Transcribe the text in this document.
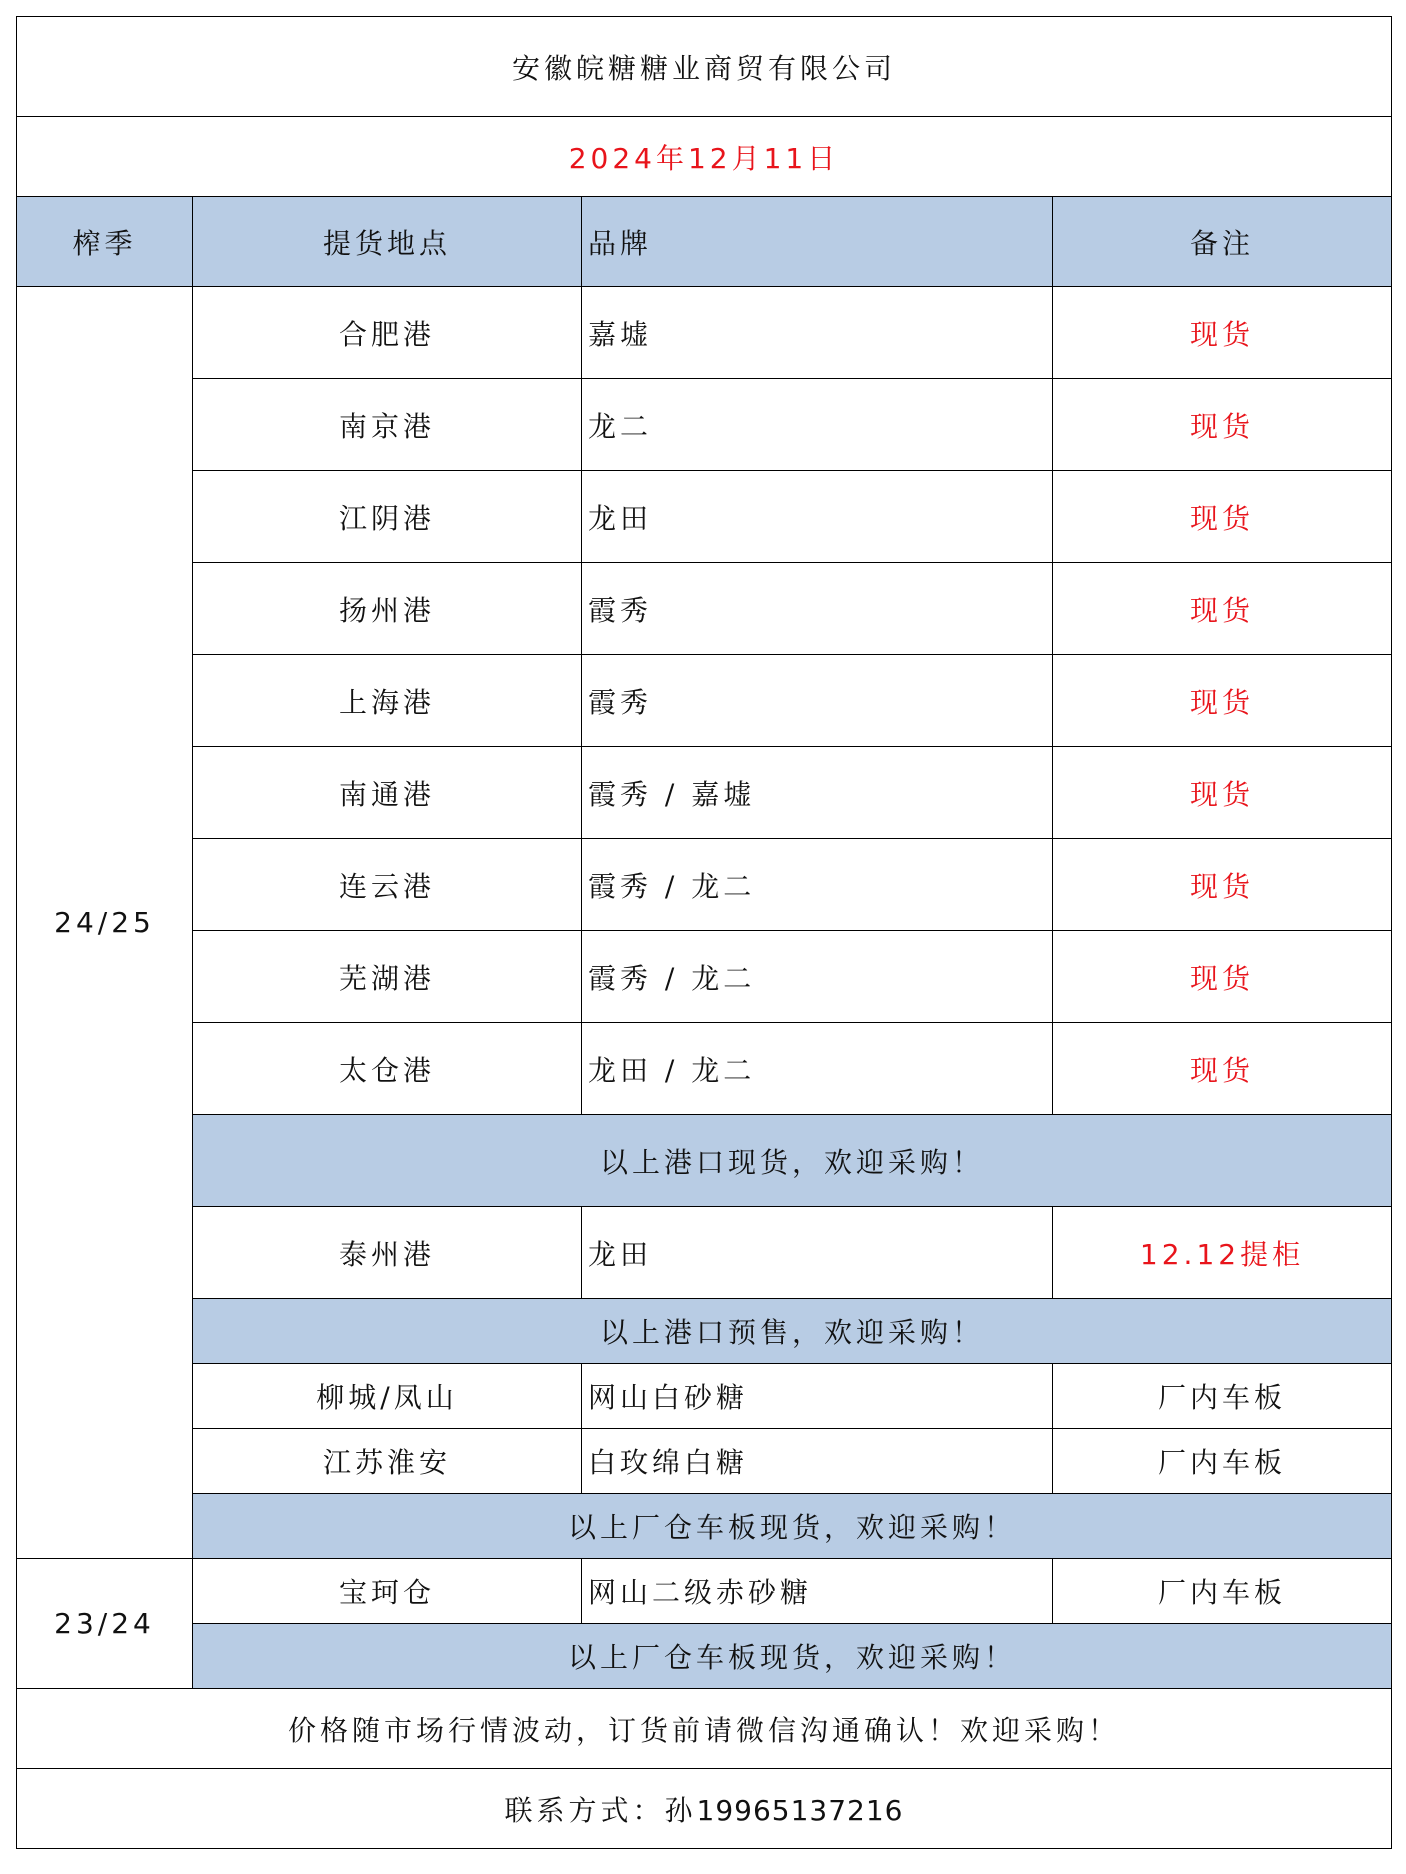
安徽皖糖糖业商贸有限公司			
2024年12月11日			
榨季	提货地点	品牌	备注
24/25	合肥港	嘉墟	现货
	南京港	龙二	现货
	江阴港	龙田	现货
	扬州港	霞秀	现货
	上海港	霞秀	现货
	南通港	霞秀 / 嘉墟	现货
	连云港	霞秀 / 龙二	现货
	芜湖港	霞秀 / 龙二	现货
	太仓港	龙田 / 龙二	现货
	以上港口现货，欢迎采购！		
	泰州港	龙田	12.12提柜
	以上港口预售，欢迎采购！		
	柳城/凤山	网山白砂糖	厂内车板
	江苏淮安	白玫绵白糖	厂内车板
	以上厂仓车板现货，欢迎采购！		
23/24	宝珂仓	网山二级赤砂糖	厂内车板
	以上厂仓车板现货，欢迎采购！		
价格随市场行情波动，订货前请微信沟通确认！欢迎采购！			
联系方式：孙19965137216			
